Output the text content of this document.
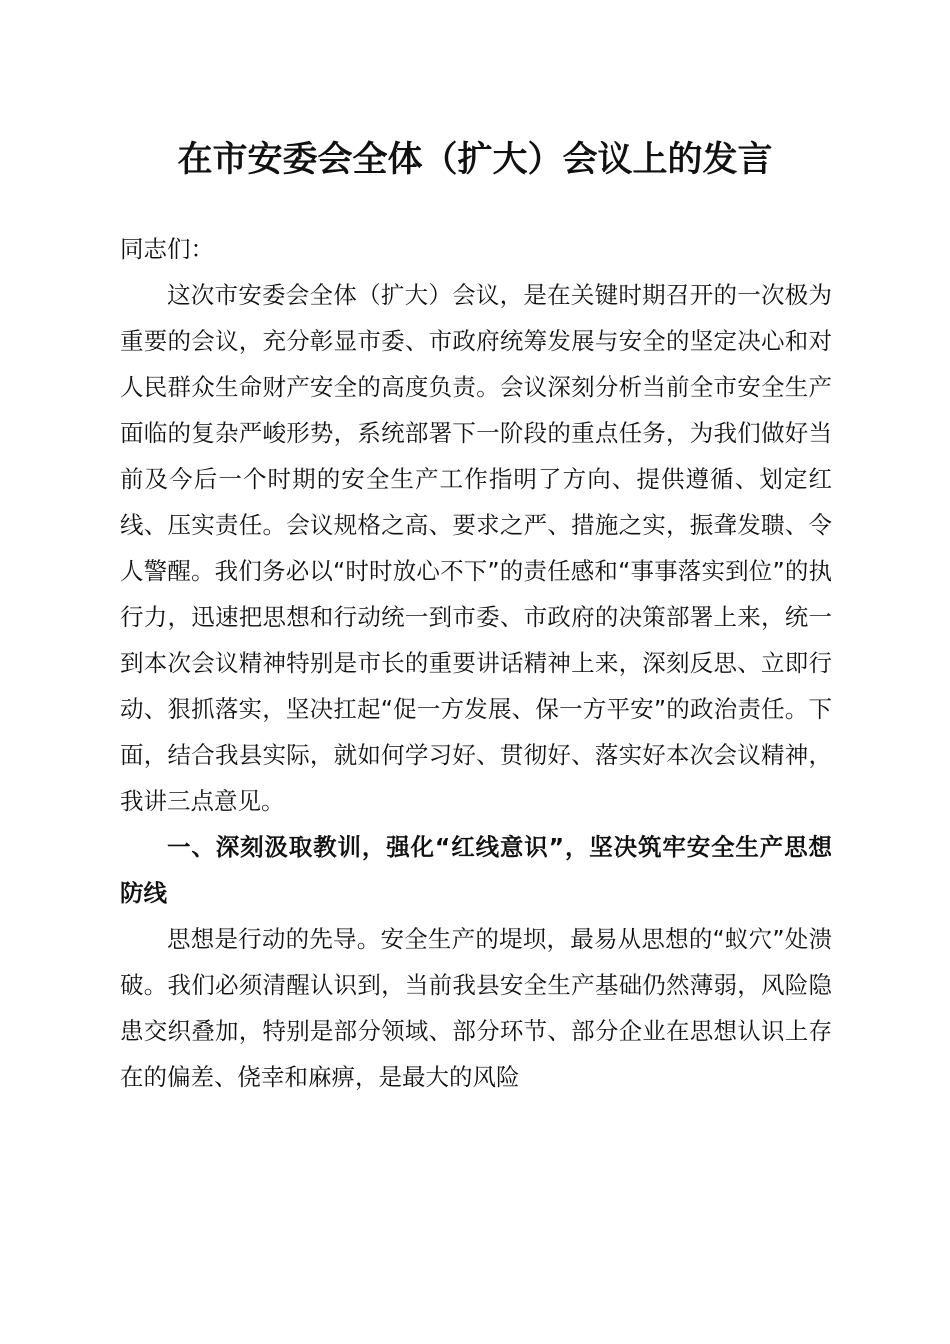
在市安委会全体（扩大）会议上的发言

同志们：

这次市安委会全体（扩大）会议，是在关键时期召开的一次极为重要的会议，充分彰显市委、市政府统筹发展与安全的坚定决心和对人民群众生命财产安全的高度负责。会议深刻分析当前全市安全生产面临的复杂严峻形势，系统部署下一阶段的重点任务，为我们做好当前及今后一个时期的安全生产工作指明了方向、提供遵循、划定红线、压实责任。会议规格之高、要求之严、措施之实，振聋发聩、令人警醒。我们务必以“时时放心不下”的责任感和“事事落实到位”的执行力，迅速把思想和行动统一到市委、市政府的决策部署上来，统一到本次会议精神特别是市长的重要讲话精神上来，深刻反思、立即行动、狠抓落实，坚决扛起“促一方发展、保一方平安”的政治责任。下面，结合我县实际，就如何学习好、贯彻好、落实好本次会议精神，我讲三点意见。

一、深刻汲取教训，强化“红线意识”，坚决筑牢安全生产思想防线

思想是行动的先导。安全生产的堤坝，最易从思想的“蚁穴”处溃破。我们必须清醒认识到，当前我县安全生产基础仍然薄弱，风险隐患交织叠加，特别是部分领域、部分环节、部分企业在思想认识上存在的偏差、侥幸和麻痹，是最大的风险
